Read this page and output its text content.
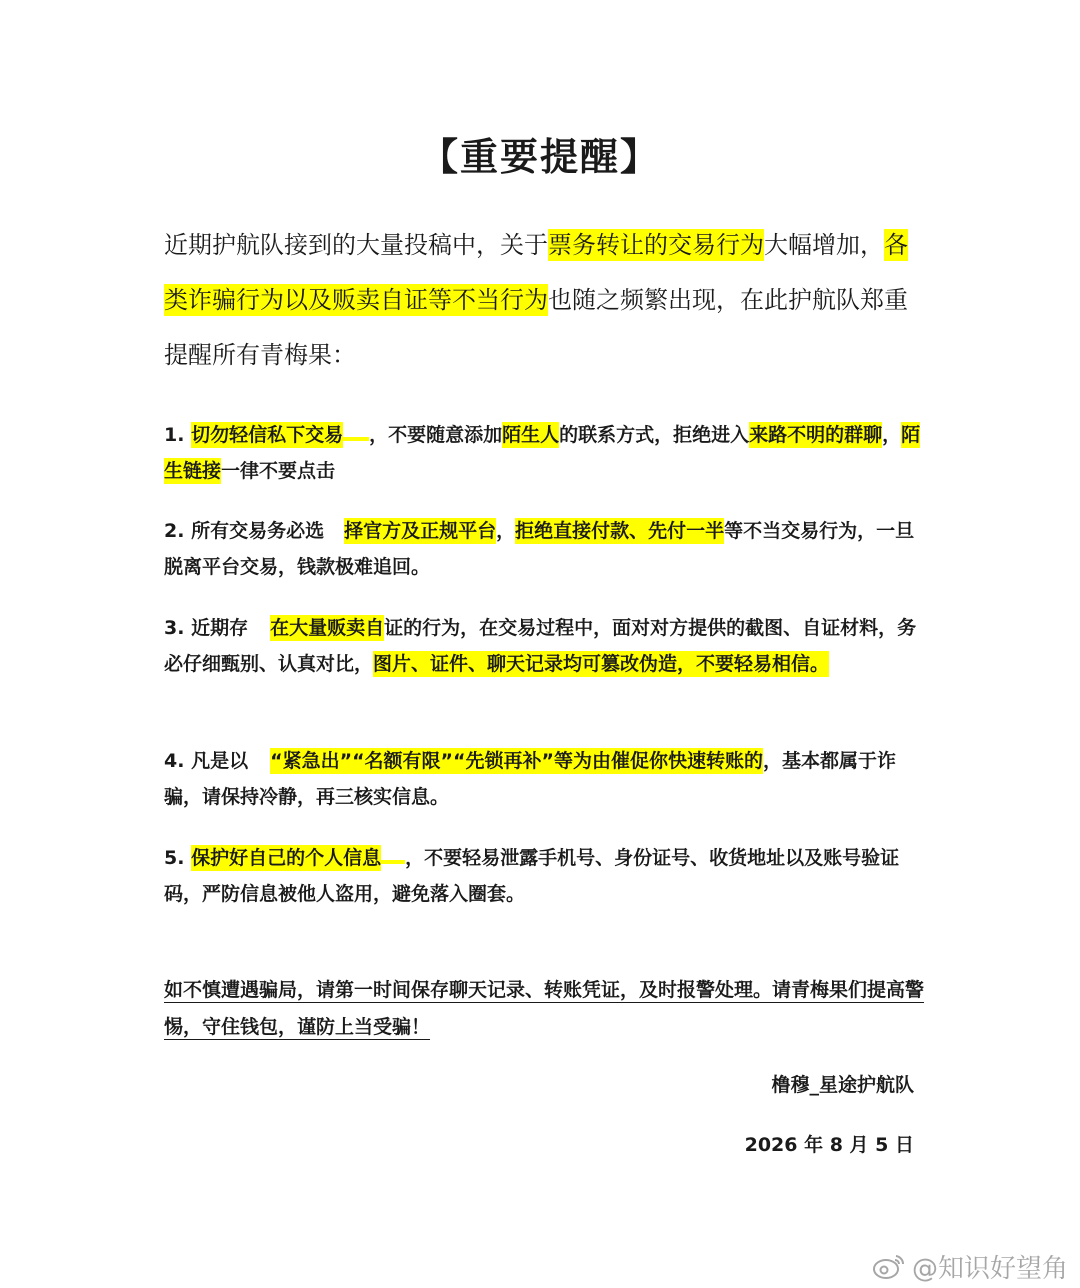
【重要提醒】

近期护航队接到的大量投稿中，关于票务转让的交易行为大幅增加，各类诈骗行为以及贩卖自证等不当行为也随之频繁出现，在此护航队郑重提醒所有青梅果：

1. 切勿轻信私下交易 ，不要随意添加陌生人的联系方式，拒绝进入来路不明的群聊，陌生链接一律不要点击

2. 所有交易务必选 择官方及正规平台，拒绝直接付款、先付一半等不当交易行为，一旦脱离平台交易，钱款极难追回。

3. 近期存 在大量贩卖自证的行为，在交易过程中，面对对方提供的截图、自证材料，务必仔细甄别、认真对比，图片、证件、聊天记录均可篡改伪造，不要轻易相信。

4. 凡是以 “紧急出”“名额有限”“先锁再补”等为由催促你快速转账的，基本都属于诈骗，请保持冷静，再三核实信息。

5. 保护好自己的个人信息 ，不要轻易泄露手机号、身份证号、收货地址以及账号验证码，严防信息被他人盗用，避免落入圈套。

如不慎遭遇骗局，请第一时间保存聊天记录、转账凭证，及时报警处理。请青梅果们提高警惕，守住钱包，谨防上当受骗！

橹穆_星途护航队
2026 年 8 月 5 日
@知识好望角
